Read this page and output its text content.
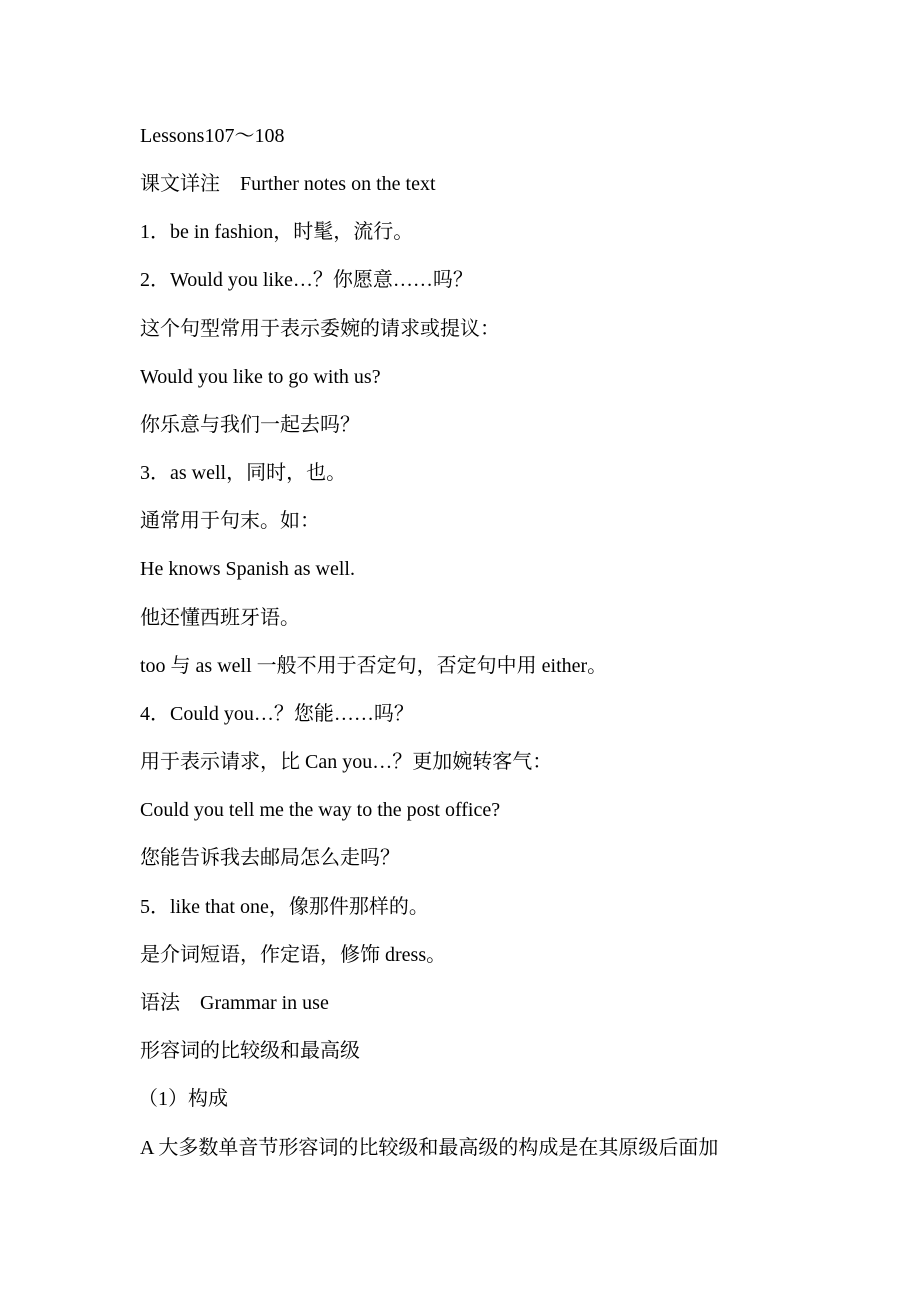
Lessons107～108
课文详注　Further notes on the text
1．be in fashion，时髦，流行。
2．Would you like…？你愿意……吗？
这个句型常用于表示委婉的请求或提议：
Would you like to go with us?
你乐意与我们一起去吗？
3．as well，同时，也。
通常用于句末。如：
He knows Spanish as well.
他还懂西班牙语。
too 与 as well 一般不用于否定句，否定句中用 either。
4．Could you…？您能……吗？
用于表示请求，比 Can you…？更加婉转客气：
Could you tell me the way to the post office?
您能告诉我去邮局怎么走吗？
5．like that one，像那件那样的。
是介词短语，作定语，修饰 dress。
语法　Grammar in use
形容词的比较级和最高级
（1）构成
A 大多数单音节形容词的比较级和最高级的构成是在其原级后面加
